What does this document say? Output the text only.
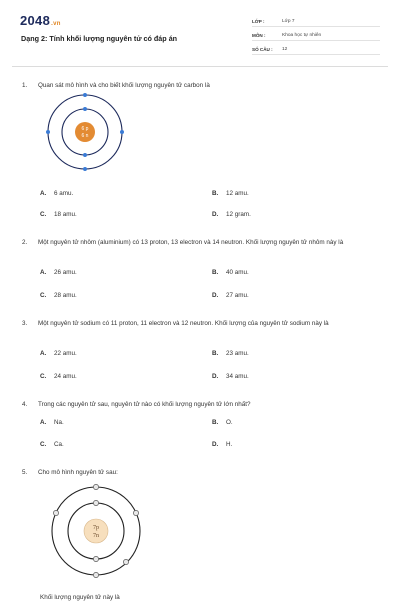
2048.vn
Dạng 2: Tính khối lượng nguyên tử có đáp án
LỚP :	Lớp 7
MÔN :	Khoa học tự nhiên
SỐ CÂU :	12
1. Quan sát mô hình và cho biết khối lượng nguyên tử carbon là
6 p
6 n
A. 6 amu.	B. 12 amu.
C. 18 amu.	D. 12 gram.
2. Một nguyên tử nhôm (aluminium) có 13 proton, 13 electron và 14 neutron. Khối lượng nguyên tử nhôm này là
A. 26 amu.	B. 40 amu.
C. 28 amu.	D. 27 amu.
3. Một nguyên tử sodium có 11 proton, 11 electron và 12 neutron. Khối lượng của nguyên tử sodium này là
A. 22 amu.	B. 23 amu.
C. 24 amu.	D. 34 amu.
4. Trong các nguyên tử sau, nguyên tử nào có khối lượng nguyên tử lớn nhất?
A. Na.	B. O.
C. Ca.	D. H.
5. Cho mô hình nguyên tử sau:
7p
7n
Khối lượng nguyên tử này là
